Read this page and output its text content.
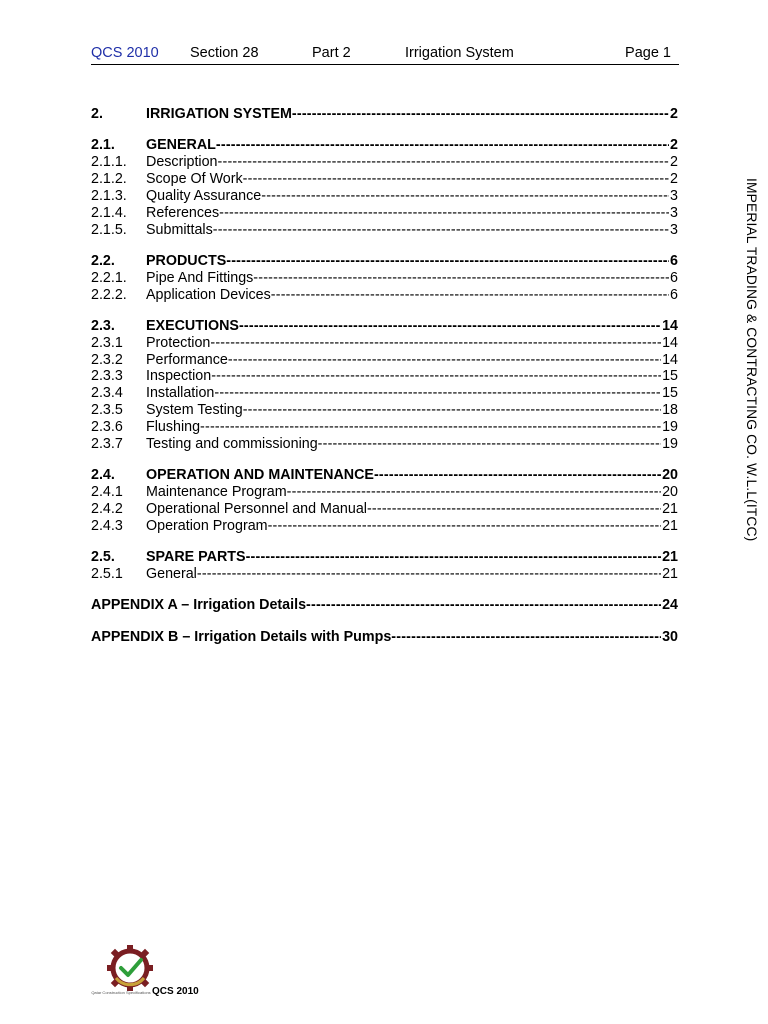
QCS 2010 Section 28	Part 2	Irrigation System	Page 1
2.	IRRIGATION SYSTEM -----	2
2.1. GENERAL -----	2
2.1.1. Description -----	2
2.1.2. Scope Of Work -----	2
2.1.3. Quality Assurance -----	3
2.1.4. References -----	3
2.1.5. Submittals -----	3
2.2. PRODUCTS -----	6
2.2.1. Pipe And Fittings -----	6
2.2.2. Application Devices -----	6
2.3. EXECUTIONS -----	14
2.3.1 Protection -----	14
2.3.2 Performance -----	14
2.3.3 Inspection -----	15
2.3.4 Installation -----	15
2.3.5 System Testing -----	18
2.3.6 Flushing -----	19
2.3.7 Testing and commissioning -----	19
2.4. OPERATION AND MAINTENANCE -----	20
2.4.1 Maintenance Program -----	20
2.4.2 Operational Personnel and Manual -----	21
2.4.3 Operation Program -----	21
2.5. SPARE PARTS -----	21
2.5.1 General -----	21
APPENDIX A – Irrigation Details -----	24
APPENDIX B – Irrigation Details with Pumps -----	30
IMPERIAL TRADING & CONTRACTING CO. W.L.L(ITCC)
Qatar Construction Specifications QCS 2010
